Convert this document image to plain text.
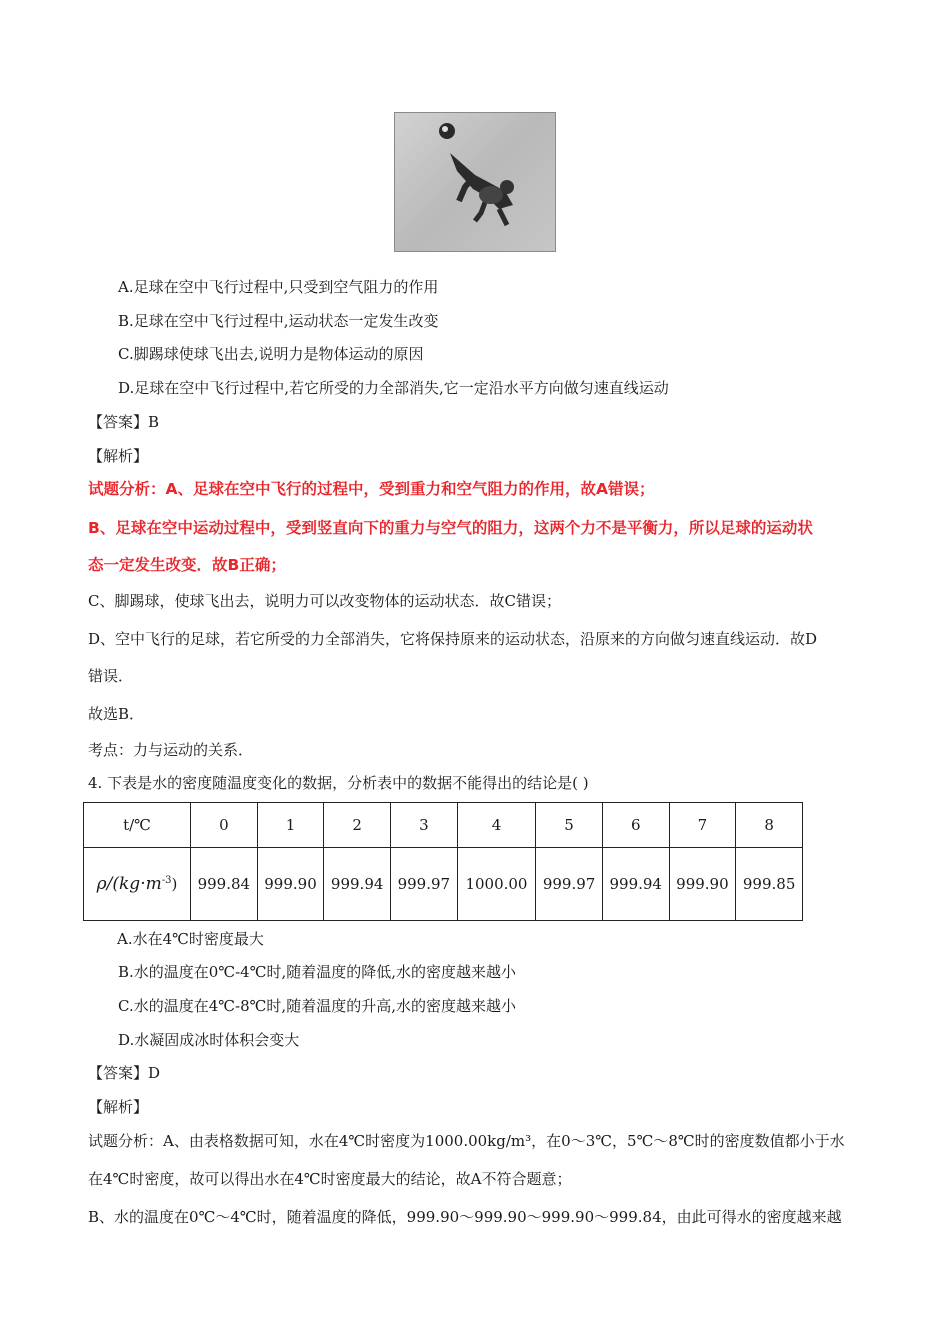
A.足球在空中飞行过程中,只受到空气阻力的作用
B.足球在空中飞行过程中,运动状态一定发生改变
C.脚踢球使球飞出去,说明力是物体运动的原因
D.足球在空中飞行过程中,若它所受的力全部消失,它一定沿水平方向做匀速直线运动
【答案】B
【解析】
试题分析：A、足球在空中飞行的过程中，受到重力和空气阻力的作用，故A错误；
B、足球在空中运动过程中，受到竖直向下的重力与空气的阻力，这两个力不是平衡力，所以足球的运动状
态一定发生改变．故B正确；
C、脚踢球，使球飞出去，说明力可以改变物体的运动状态．故C错误；
D、空中飞行的足球，若它所受的力全部消失，它将保持原来的运动状态，沿原来的方向做匀速直线运动．故D
错误．
故选B．
考点：力与运动的关系．
4. 下表是水的密度随温度变化的数据，分析表中的数据不能得出的结论是( )
t/℃	0	1	2	3	4	5	6	7	8
$\rho/(kg\cdot m^{-3})$	999.84	999.90	999.94	999.97	1000.00	999.97	999.94	999.90	999.85
A.水在4℃时密度最大
B.水的温度在0℃-4℃时,随着温度的降低,水的密度越来越小
C.水的温度在4℃-8℃时,随着温度的升高,水的密度越来越小
D.水凝固成冰时体积会变大
【答案】D
【解析】
试题分析：A、由表格数据可知，水在4℃时密度为1000.00kg/m³，在0～3℃，5℃～8℃时的密度数值都小于水
在4℃时密度，故可以得出水在4℃时密度最大的结论，故A不符合题意；
B、水的温度在0℃～4℃时，随着温度的降低，999.90～999.90～999.90～999.84，由此可得水的密度越来越
